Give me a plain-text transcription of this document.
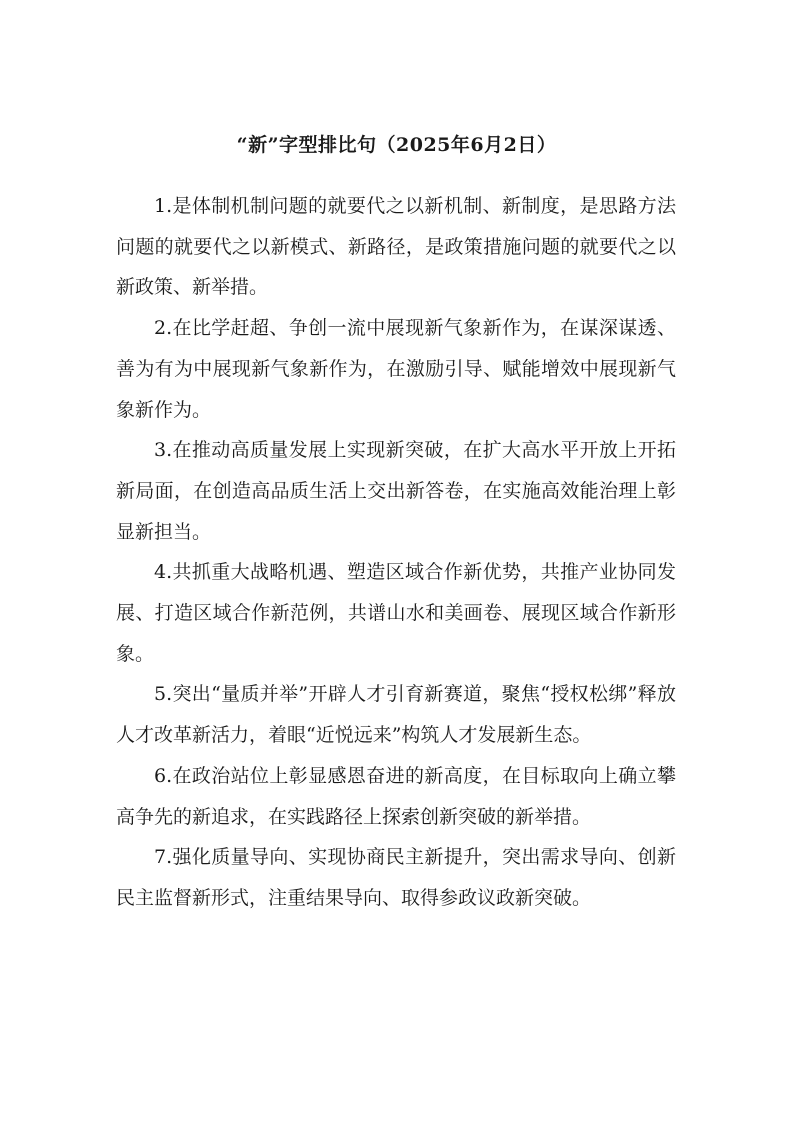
“新”字型排比句（2025年6月2日）

1.是体制机制问题的就要代之以新机制、新制度，是思路方法问题的就要代之以新模式、新路径，是政策措施问题的就要代之以新政策、新举措。

2.在比学赶超、争创一流中展现新气象新作为，在谋深谋透、善为有为中展现新气象新作为，在激励引导、赋能增效中展现新气象新作为。

3.在推动高质量发展上实现新突破，在扩大高水平开放上开拓新局面，在创造高品质生活上交出新答卷，在实施高效能治理上彰显新担当。

4.共抓重大战略机遇、塑造区域合作新优势，共推产业协同发展、打造区域合作新范例，共谱山水和美画卷、展现区域合作新形象。

5.突出“量质并举”开辟人才引育新赛道，聚焦“授权松绑”释放人才改革新活力，着眼“近悦远来”构筑人才发展新生态。

6.在政治站位上彰显感恩奋进的新高度，在目标取向上确立攀高争先的新追求，在实践路径上探索创新突破的新举措。

7.强化质量导向、实现协商民主新提升，突出需求导向、创新民主监督新形式，注重结果导向、取得参政议政新突破。
